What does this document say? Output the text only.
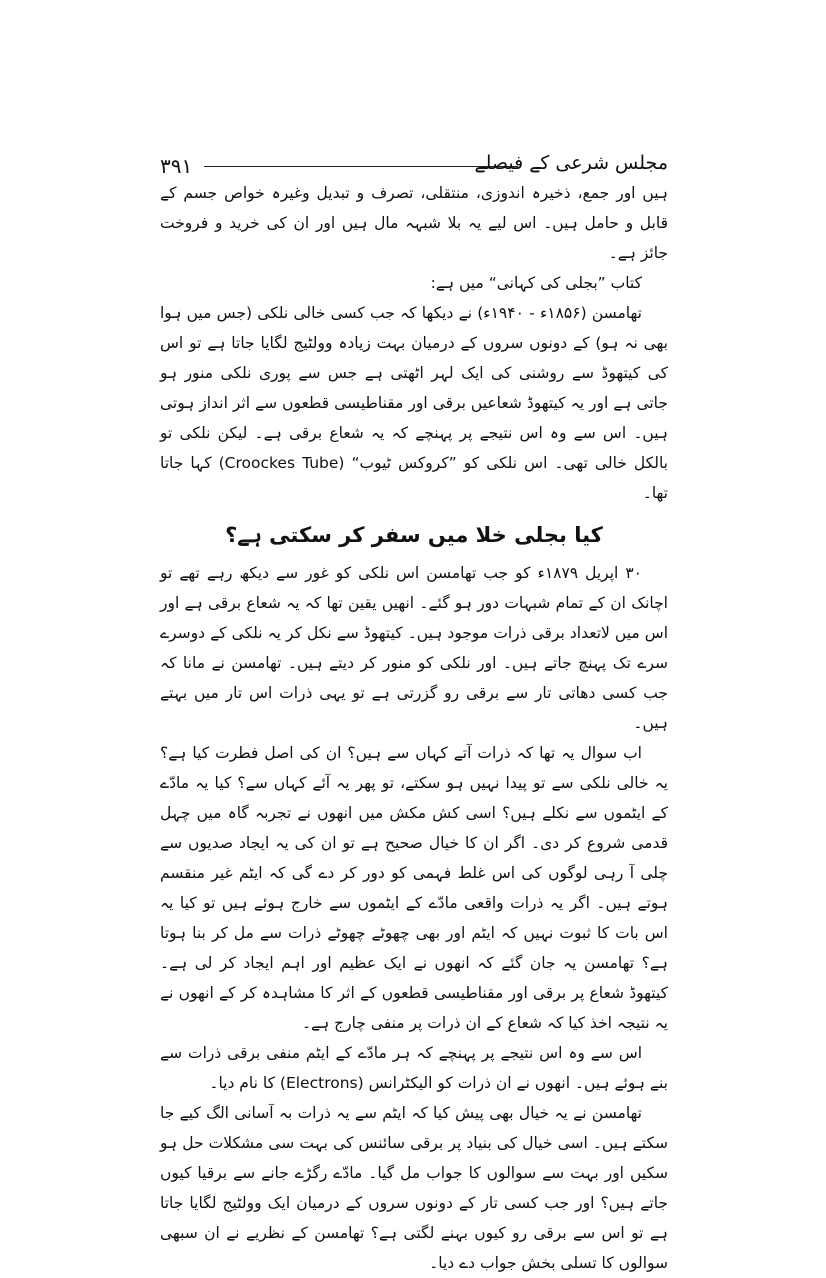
۳۹۱	مجلس شرعی کے فیصلے

ہیں اور جمع، ذخیرہ اندوزی، منتقلی، تصرف و تبدیل وغیرہ خواص جسم کے قابل و حامل ہیں۔ اس لیے یہ بلا شبہہ مال ہیں اور ان کی خرید و فروخت جائز ہے۔

کتاب ”بجلی کی کہانی“ میں ہے:

تھامسن (۱۸۵۶ء - ۱۹۴۰ء) نے دیکھا کہ جب کسی خالی نلکی (جس میں ہوا بھی نہ ہو) کے دونوں سروں کے درمیان بہت زیادہ وولٹیج لگایا جاتا ہے تو اس کی کیتھوڈ سے روشنی کی ایک لہر اٹھتی ہے جس سے پوری نلکی منور ہو جاتی ہے اور یہ کیتھوڈ شعاعیں برقی اور مقناطیسی قطعوں سے اثر انداز ہوتی ہیں۔ اس سے وہ اس نتیجے پر پہنچے کہ یہ شعاع برقی ہے۔ لیکن نلکی تو بالکل خالی تھی۔ اس نلکی کو ”کروکس ٹیوب“ (Croockes Tube) کہا جاتا تھا۔

کیا بجلی خلا میں سفر کر سکتی ہے؟

۳۰ اپریل ۱۸۷۹ء کو جب تھامسن اس نلکی کو غور سے دیکھ رہے تھے تو اچانک ان کے تمام شبہات دور ہو گئے۔ انھیں یقین تھا کہ یہ شعاع برقی ہے اور اس میں لاتعداد برقی ذرات موجود ہیں۔ کیتھوڈ سے نکل کر یہ نلکی کے دوسرے سرے تک پہنچ جاتے ہیں۔ اور نلکی کو منور کر دیتے ہیں۔ تھامسن نے مانا کہ جب کسی دھاتی تار سے برقی رو گزرتی ہے تو یہی ذرات اس تار میں بہتے ہیں۔

اب سوال یہ تھا کہ ذرات آتے کہاں سے ہیں؟ ان کی اصل فطرت کیا ہے؟ یہ خالی نلکی سے تو پیدا نہیں ہو سکتے، تو پھر یہ آئے کہاں سے؟ کیا یہ مادّے کے ایٹموں سے نکلے ہیں؟ اسی کش مکش میں انھوں نے تجربہ گاہ میں چہل قدمی شروع کر دی۔ اگر ان کا خیال صحیح ہے تو ان کی یہ ایجاد صدیوں سے چلی آ رہی لوگوں کی اس غلط فہمی کو دور کر دے گی کہ ایٹم غیر منقسم ہوتے ہیں۔ اگر یہ ذرات واقعی مادّے کے ایٹموں سے خارج ہوئے ہیں تو کیا یہ اس بات کا ثبوت نہیں کہ ایٹم اور بھی چھوٹے چھوٹے ذرات سے مل کر بنا ہوتا ہے؟ تھامسن یہ جان گئے کہ انھوں نے ایک عظیم اور اہم ایجاد کر لی ہے۔ کیتھوڈ شعاع پر برقی اور مقناطیسی قطعوں کے اثر کا مشاہدہ کر کے انھوں نے یہ نتیجہ اخذ کیا کہ شعاع کے ان ذرات پر منفی چارج ہے۔

اس سے وہ اس نتیجے پر پہنچے کہ ہر مادّے کے ایٹم منفی برقی ذرات سے بنے ہوئے ہیں۔ انھوں نے ان ذرات کو الیکٹرانس (Electrons) کا نام دیا۔

تھامسن نے یہ خیال بھی پیش کیا کہ ایٹم سے یہ ذرات بہ آسانی الگ کیے جا سکتے ہیں۔ اسی خیال کی بنیاد پر برقی سائنس کی بہت سی مشکلات حل ہو سکیں اور بہت سے سوالوں کا جواب مل گیا۔ مادّے رگڑے جانے سے برقیا کیوں جاتے ہیں؟ اور جب کسی تار کے دونوں سروں کے درمیان ایک وولٹیج لگایا جاتا ہے تو اس سے برقی رو کیوں بہنے لگتی ہے؟ تھامسن کے نظریے نے ان سبھی سوالوں کا تسلی بخش جواب دے دیا۔
